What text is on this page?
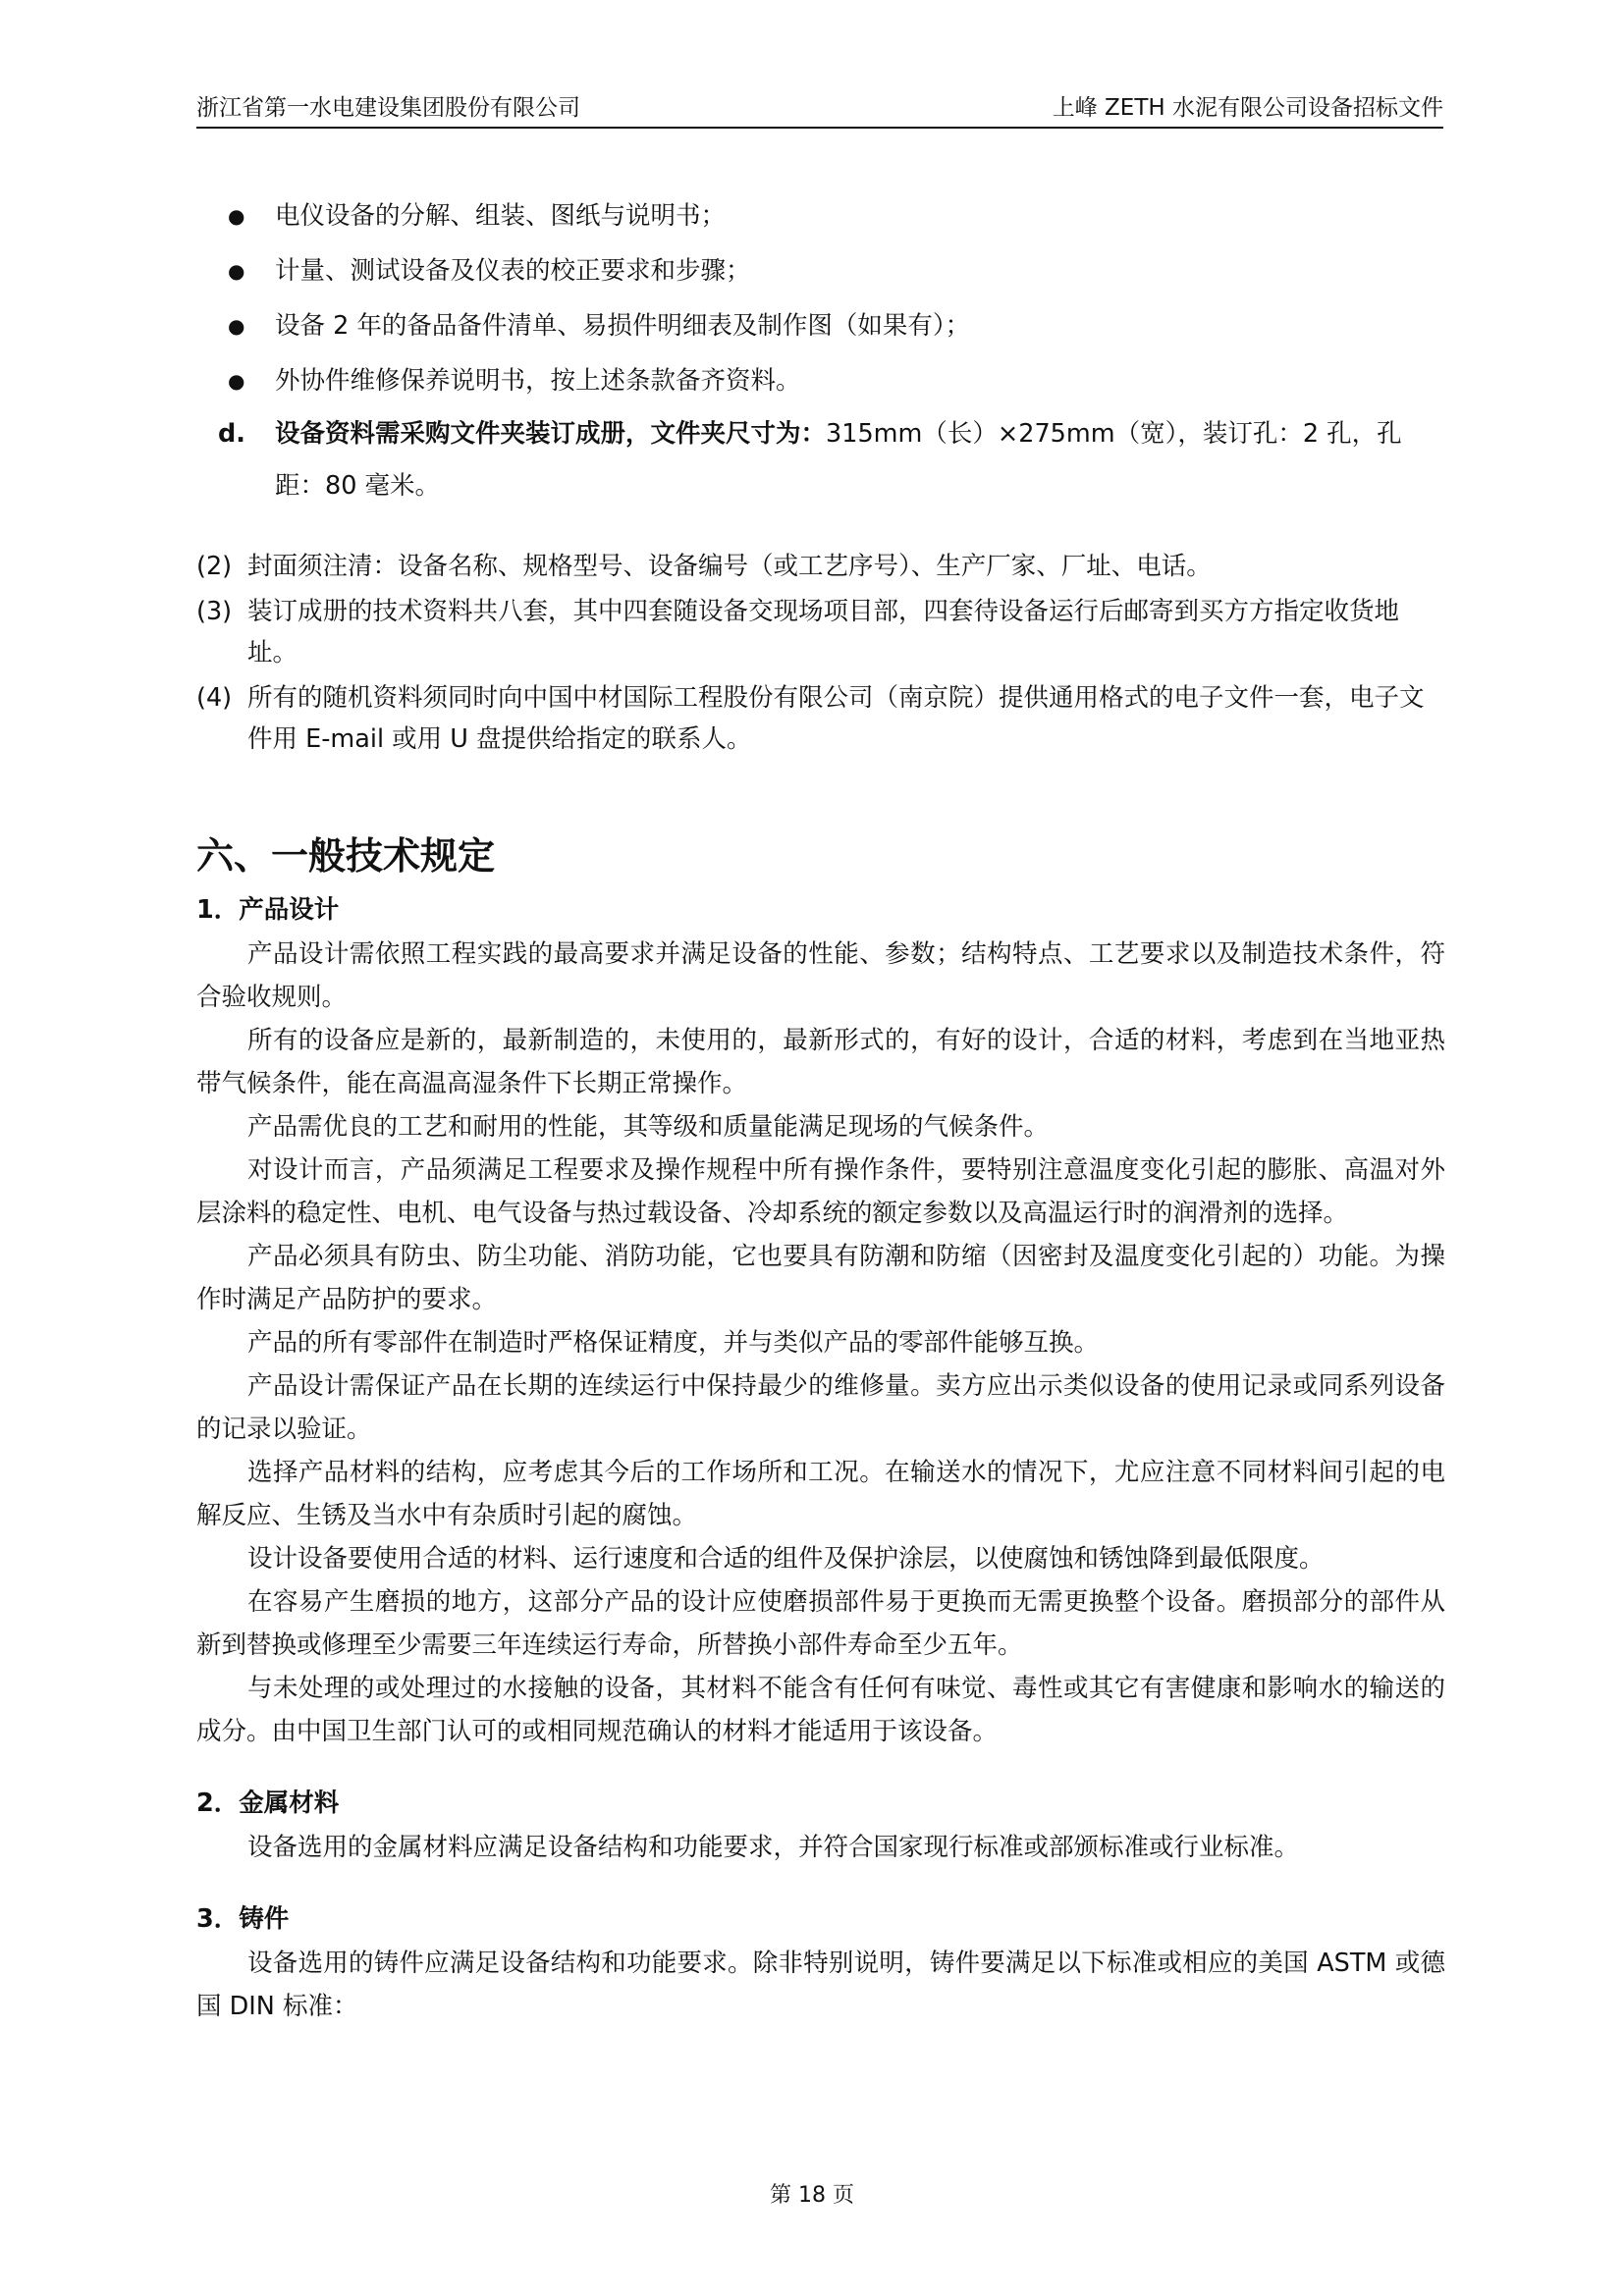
浙江省第一水电建设集团股份有限公司	上峰 ZETH 水泥有限公司设备招标文件
● 电仪设备的分解、组装、图纸与说明书；
● 计量、测试设备及仪表的校正要求和步骤；
● 设备 2 年的备品备件清单、易损件明细表及制作图（如果有）；
● 外协件维修保养说明书，按上述条款备齐资料。
d. 设备资料需采购文件夹装订成册，文件夹尺寸为：315mm（长）×275mm（宽），装订孔：2 孔，孔距：80 毫米。
(2) 封面须注清：设备名称、规格型号、设备编号（或工艺序号）、生产厂家、厂址、电话。
(3) 装订成册的技术资料共八套，其中四套随设备交现场项目部，四套待设备运行后邮寄到买方方指定收货地址。
(4) 所有的随机资料须同时向中国中材国际工程股份有限公司（南京院）提供通用格式的电子文件一套，电子文件用 E-mail 或用 U 盘提供给指定的联系人。
六、一般技术规定
1．产品设计

产品设计需依照工程实践的最高要求并满足设备的性能、参数；结构特点、工艺要求以及制造技术条件，符合验收规则。

所有的设备应是新的，最新制造的，未使用的，最新形式的，有好的设计，合适的材料，考虑到在当地亚热带气候条件，能在高温高湿条件下长期正常操作。

产品需优良的工艺和耐用的性能，其等级和质量能满足现场的气候条件。

对设计而言，产品须满足工程要求及操作规程中所有操作条件，要特别注意温度变化引起的膨胀、高温对外层涂料的稳定性、电机、电气设备与热过载设备、冷却系统的额定参数以及高温运行时的润滑剂的选择。

产品必须具有防虫、防尘功能、消防功能，它也要具有防潮和防缩（因密封及温度变化引起的）功能。为操作时满足产品防护的要求。

产品的所有零部件在制造时严格保证精度，并与类似产品的零部件能够互换。

产品设计需保证产品在长期的连续运行中保持最少的维修量。卖方应出示类似设备的使用记录或同系列设备的记录以验证。

选择产品材料的结构，应考虑其今后的工作场所和工况。在输送水的情况下，尤应注意不同材料间引起的电解反应、生锈及当水中有杂质时引起的腐蚀。

设计设备要使用合适的材料、运行速度和合适的组件及保护涂层，以使腐蚀和锈蚀降到最低限度。

在容易产生磨损的地方，这部分产品的设计应使磨损部件易于更换而无需更换整个设备。磨损部分的部件从新到替换或修理至少需要三年连续运行寿命，所替换小部件寿命至少五年。

与未处理的或处理过的水接触的设备，其材料不能含有任何有味觉、毒性或其它有害健康和影响水的输送的成分。由中国卫生部门认可的或相同规范确认的材料才能适用于该设备。

2．金属材料

设备选用的金属材料应满足设备结构和功能要求，并符合国家现行标准或部颁标准或行业标准。

3．铸件

设备选用的铸件应满足设备结构和功能要求。除非特别说明，铸件要满足以下标准或相应的美国 ASTM 或德国 DIN 标准：

第 18 页
